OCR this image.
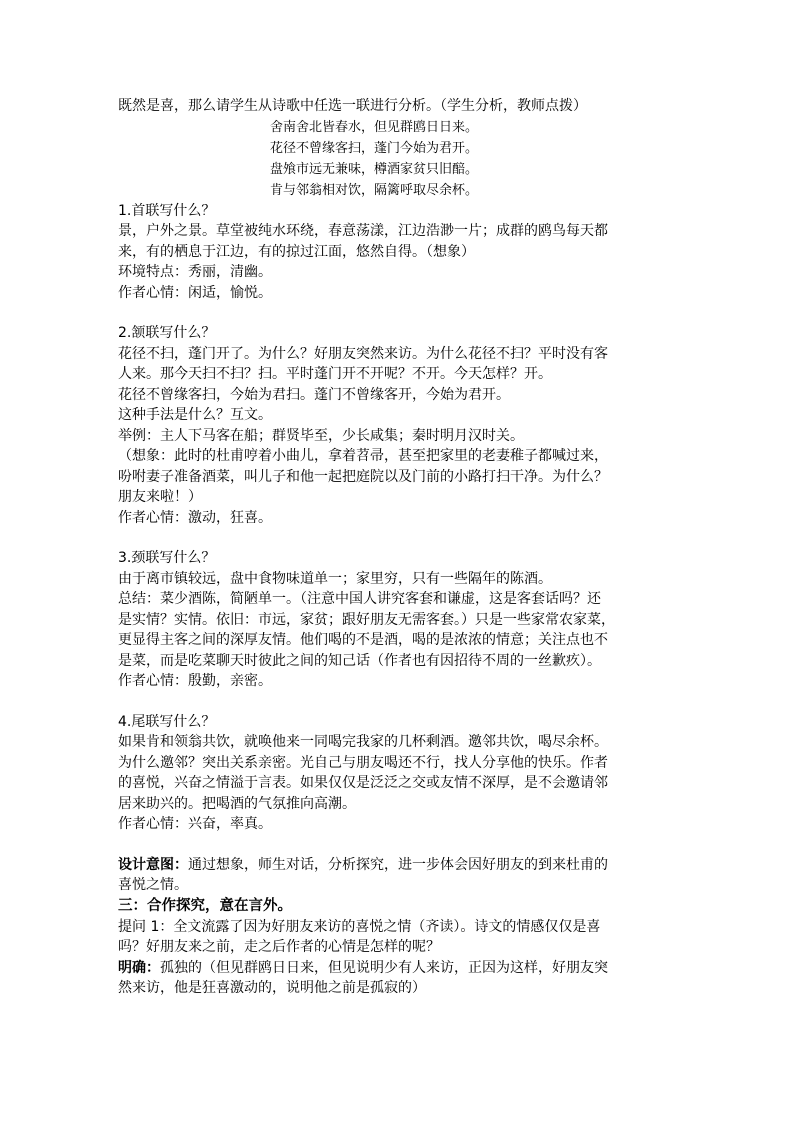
既然是喜，那么请学生从诗歌中任选一联进行分析。（学生分析，教师点拨）

舍南舍北皆春水，但见群鸥日日来。

花径不曾缘客扫，蓬门今始为君开。

盘飧市远无兼味，樽酒家贫只旧醅。

肯与邻翁相对饮，隔篱呼取尽余杯。

1.首联写什么？

景，户外之景。草堂被纯水环绕，春意荡漾，江边浩渺一片；成群的鸥鸟每天都

来，有的栖息于江边，有的掠过江面，悠然自得。（想象）

环境特点：秀丽，清幽。

作者心情：闲适，愉悦。

2.颔联写什么？

花径不扫，蓬门开了。为什么？好朋友突然来访。为什么花径不扫？平时没有客

人来。那今天扫不扫？扫。平时蓬门开不开呢？不开。今天怎样？开。

花径不曾缘客扫，今始为君扫。蓬门不曾缘客开，今始为君开。

这种手法是什么？互文。

举例：主人下马客在船；群贤毕至，少长咸集；秦时明月汉时关。

（想象：此时的杜甫哼着小曲儿，拿着苕帚，甚至把家里的老妻稚子都喊过来，

吩咐妻子准备酒菜，叫儿子和他一起把庭院以及门前的小路打扫干净。为什么？

朋友来啦！）

作者心情：激动，狂喜。

3.颈联写什么？

由于离市镇较远，盘中食物味道单一；家里穷，只有一些隔年的陈酒。

总结：菜少酒陈，简陋单一。（注意中国人讲究客套和谦虚，这是客套话吗？还

是实情？实情。依旧：市远，家贫；跟好朋友无需客套。）只是一些家常农家菜，

更显得主客之间的深厚友情。他们喝的不是酒，喝的是浓浓的情意；关注点也不

是菜，而是吃菜聊天时彼此之间的知己话（作者也有因招待不周的一丝歉疚）。

作者心情：殷勤，亲密。

4.尾联写什么？

如果肯和领翁共饮，就唤他来一同喝完我家的几杯剩酒。邀邻共饮，喝尽余杯。

为什么邀邻？突出关系亲密。光自己与朋友喝还不行，找人分享他的快乐。作者

的喜悦，兴奋之情溢于言表。如果仅仅是泛泛之交或友情不深厚，是不会邀请邻

居来助兴的。把喝酒的气氛推向高潮。

作者心情：兴奋，率真。

设计意图：通过想象，师生对话，分析探究，进一步体会因好朋友的到来杜甫的

喜悦之情。

三：合作探究，意在言外。

提问 1：全文流露了因为好朋友来访的喜悦之情（齐读）。诗文的情感仅仅是喜

吗？好朋友来之前，走之后作者的心情是怎样的呢？

明确：孤独的（但见群鸥日日来，但见说明少有人来访，正因为这样，好朋友突

然来访，他是狂喜激动的，说明他之前是孤寂的）
